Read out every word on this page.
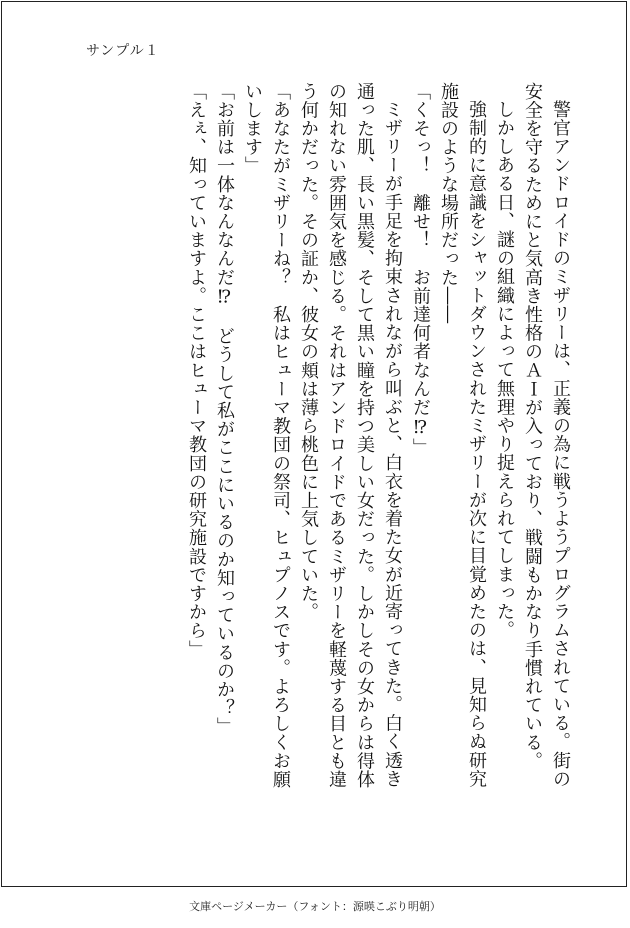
サンプル１

警官アンドロイドのミザリーは、正義の為に戦うようプログラムされている。街の安全を守るためにと気高き性格のＡＩが入っており、戦闘もかなり手慣れている。

しかしある日、謎の組織によって無理やり捉えられてしまった。

強制的に意識をシャットダウンされたミザリーが次に目覚めたのは、見知らぬ研究施設のような場所だった――

「くそっ！　離せ！　お前達何者なんだ⁉」

ミザリーが手足を拘束されながら叫ぶと、白衣を着た女が近寄ってきた。白く透き通った肌、長い黒髪、そして黒い瞳を持つ美しい女だった。しかしその女からは得体の知れない雰囲気を感じる。それはアンドロイドであるミザリーを軽蔑する目とも違う何かだった。その証か、彼女の頬は薄ら桃色に上気していた。

「あなたがミザリーね？　私はヒューマ教団の祭司、ヒュプノスです。よろしくお願いします」

「お前は一体なんなんだ⁉　どうして私がここにいるのか知っているのか？」

「えぇ、知っていますよ。ここはヒューマ教団の研究施設ですから」

文庫ページメーカー（フォント：源暎こぶり明朝）
